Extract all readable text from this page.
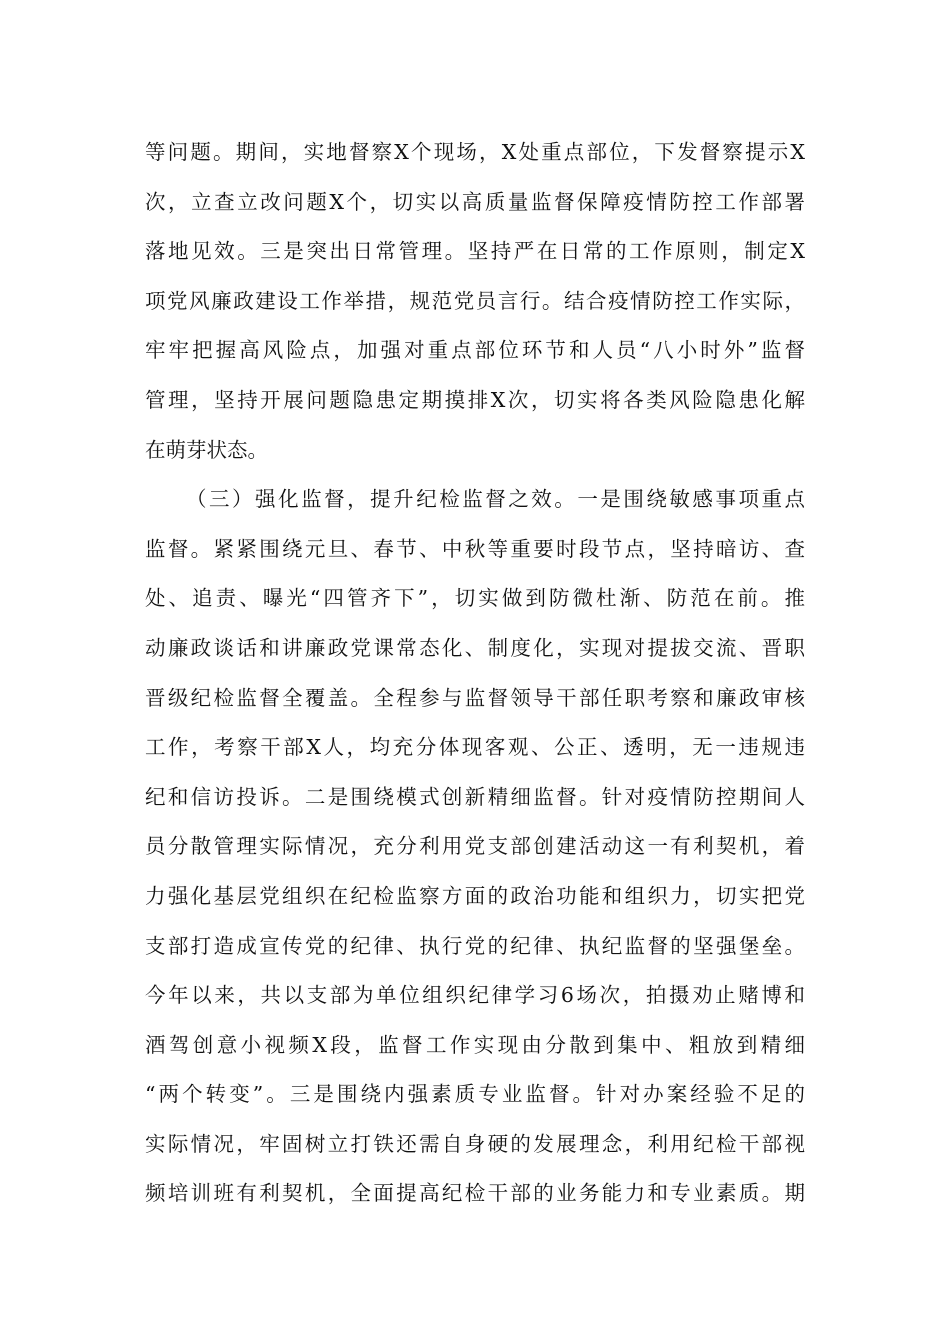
等问题。期间，实地督察X个现场，X处重点部位，下发督察提示X
次，立查立改问题X个，切实以高质量监督保障疫情防控工作部署
落地见效。三是突出日常管理。坚持严在日常的工作原则，制定X
项党风廉政建设工作举措，规范党员言行。结合疫情防控工作实际，
牢牢把握高风险点，加强对重点部位环节和人员“八小时外”监督
管理，坚持开展问题隐患定期摸排X次，切实将各类风险隐患化解
在萌芽状态。
（三）强化监督，提升纪检监督之效。一是围绕敏感事项重点
监督。紧紧围绕元旦、春节、中秋等重要时段节点，坚持暗访、查
处、追责、曝光“四管齐下”，切实做到防微杜渐、防范在前。推
动廉政谈话和讲廉政党课常态化、制度化，实现对提拔交流、晋职
晋级纪检监督全覆盖。全程参与监督领导干部任职考察和廉政审核
工作，考察干部X人，均充分体现客观、公正、透明，无一违规违
纪和信访投诉。二是围绕模式创新精细监督。针对疫情防控期间人
员分散管理实际情况，充分利用党支部创建活动这一有利契机，着
力强化基层党组织在纪检监察方面的政治功能和组织力，切实把党
支部打造成宣传党的纪律、执行党的纪律、执纪监督的坚强堡垒。
今年以来，共以支部为单位组织纪律学习6场次，拍摄劝止赌博和
酒驾创意小视频X段，监督工作实现由分散到集中、粗放到精细
“两个转变”。三是围绕内强素质专业监督。针对办案经验不足的
实际情况，牢固树立打铁还需自身硬的发展理念，利用纪检干部视
频培训班有利契机，全面提高纪检干部的业务能力和专业素质。期
